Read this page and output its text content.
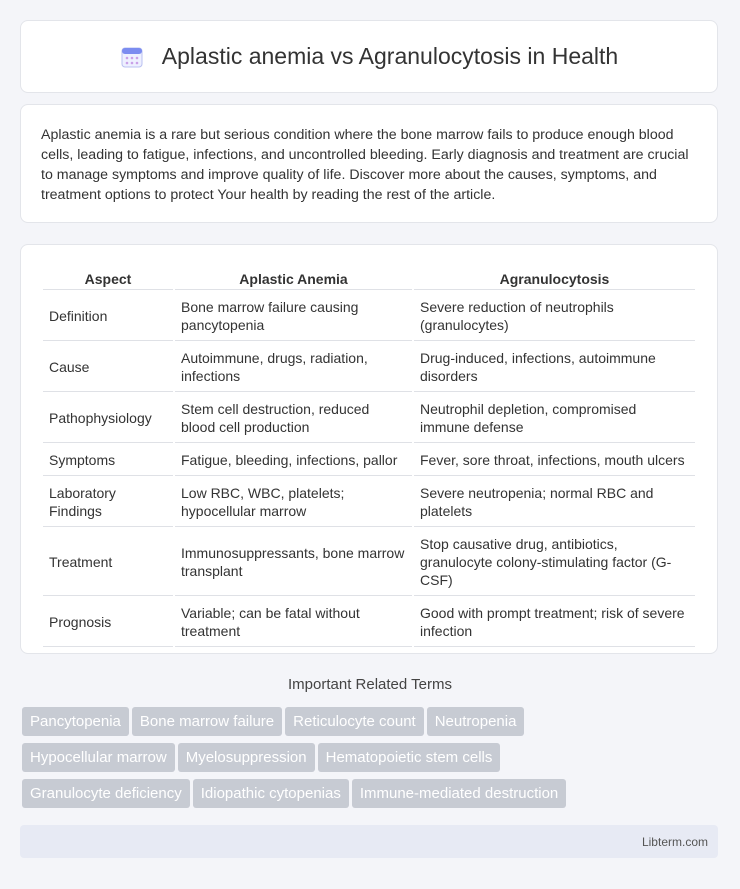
Aplastic anemia vs Agranulocytosis in Health

Aplastic anemia is a rare but serious condition where the bone marrow fails to produce enough blood cells, leading to fatigue, infections, and uncontrolled bleeding. Early diagnosis and treatment are crucial to manage symptoms and improve quality of life. Discover more about the causes, symptoms, and treatment options to protect Your health by reading the rest of the article.

Aspect	Aplastic Anemia	Agranulocytosis
Definition	Bone marrow failure causing pancytopenia	Severe reduction of neutrophils (granulocytes)
Cause	Autoimmune, drugs, radiation, infections	Drug-induced, infections, autoimmune disorders
Pathophysiology	Stem cell destruction, reduced blood cell production	Neutrophil depletion, compromised immune defense
Symptoms	Fatigue, bleeding, infections, pallor	Fever, sore throat, infections, mouth ulcers
Laboratory Findings	Low RBC, WBC, platelets; hypocellular marrow	Severe neutropenia; normal RBC and platelets
Treatment	Immunosuppressants, bone marrow transplant	Stop causative drug, antibiotics, granulocyte colony-stimulating factor (G-CSF)
Prognosis	Variable; can be fatal without treatment	Good with prompt treatment; risk of severe infection
Important Related Terms
Pancytopenia Bone marrow failure Reticulocyte count Neutropenia
Hypocellular marrow Myelosuppression Hematopoietic stem cells
Granulocyte deficiency Idiopathic cytopenias Immune-mediated destruction
Libterm.com
